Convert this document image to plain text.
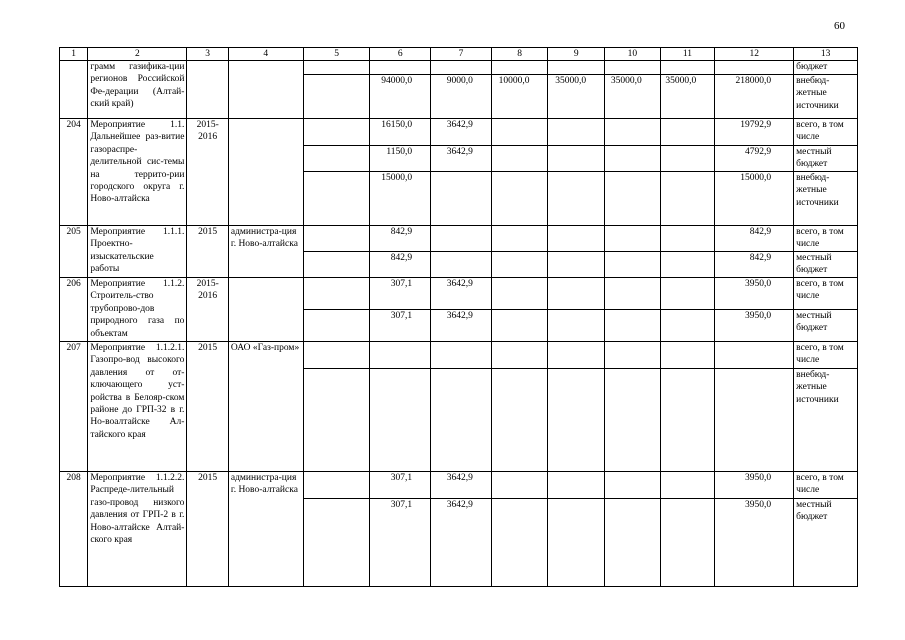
60
1	2	3	4	5	6	7	8	9	10	11	12	13
	грамм газифика-ции регионов Российской Фе-дерации (Алтай-ский край)											бюджет
					94000,0	9000,0	10000,0	35000,0	35000,0	35000,0	218000,0	внебюд-жетные источники
204	Мероприятие 1.1. Дальнейшее раз-витие газораспре-делительной сис-темы на террито-рии городского округа г. Ново-алтайска	2015-2016			16150,0	3642,9					19792,9	всего, в том числе
					1150,0	3642,9					4792,9	местный бюджет
					15000,0						15000,0	внебюд-жетные источники
205	Мероприятие 1.1.1. Проектно-изыскательские работы	2015	администра-ция г. Ново-алтайска		842,9						842,9	всего, в том числе
					842,9						842,9	местный бюджет
206	Мероприятие 1.1.2. Строитель-ство трубопрово-дов природного газа по объектам	2015-2016			307,1	3642,9					3950,0	всего, в том числе
					307,1	3642,9					3950,0	местный бюджет
207	Мероприятие 1.1.2.1. Газопро-вод высокого давления от от-ключающего уст-ройства в Белояр-ском районе до ГРП-32 в г. Но-воалтайске Ал-тайского края	2015	ОАО «Газ-пром»									всего, в том числе
												внебюд-жетные источники
208	Мероприятие 1.1.2.2. Распреде-лительный газо-провод низкого давления от ГРП-2 в г. Ново-алтайске Алтай-ского края	2015	администра-ция г. Ново-алтайска		307,1	3642,9					3950,0	всего, в том числе
					307,1	3642,9					3950,0	местный бюджет
